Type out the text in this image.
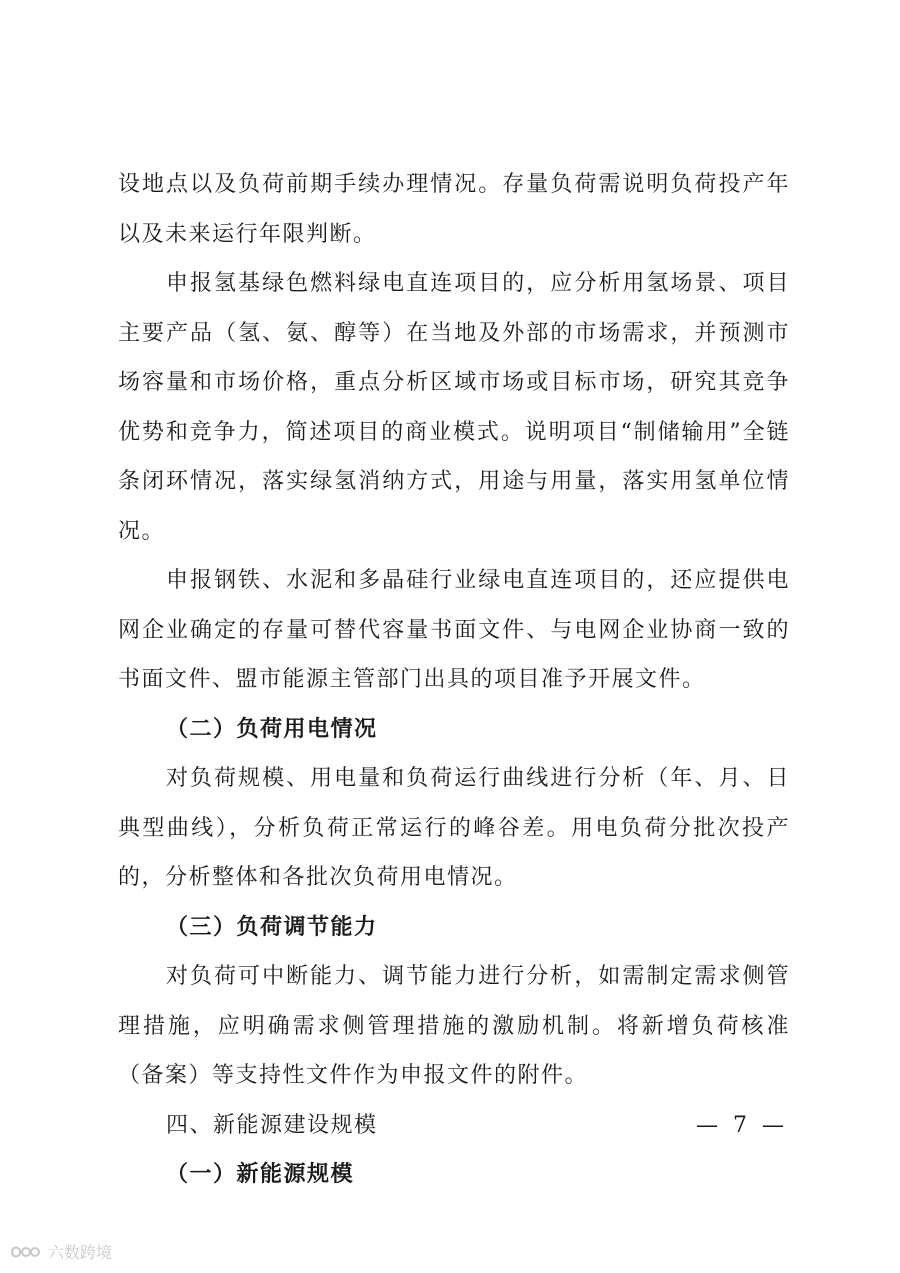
设地点以及负荷前期手续办理情况。存量负荷需说明负荷投产年以及未来运行年限判断。

申报氢基绿色燃料绿电直连项目的，应分析用氢场景、项目主要产品（氢、氨、醇等）在当地及外部的市场需求，并预测市场容量和市场价格，重点分析区域市场或目标市场，研究其竞争优势和竞争力，简述项目的商业模式。说明项目“制储输用”全链条闭环情况，落实绿氢消纳方式，用途与用量，落实用氢单位情况。

申报钢铁、水泥和多晶硅行业绿电直连项目的，还应提供电网企业确定的存量可替代容量书面文件、与电网企业协商一致的书面文件、盟市能源主管部门出具的项目准予开展文件。

（二）负荷用电情况

对负荷规模、用电量和负荷运行曲线进行分析（年、月、日典型曲线），分析负荷正常运行的峰谷差。用电负荷分批次投产的，分析整体和各批次负荷用电情况。

（三）负荷调节能力

对负荷可中断能力、调节能力进行分析，如需制定需求侧管理措施，应明确需求侧管理措施的激励机制。将新增负荷核准（备案）等支持性文件作为申报文件的附件。

四、新能源建设规模

（一）新能源规模

— 7 —
六数跨境
